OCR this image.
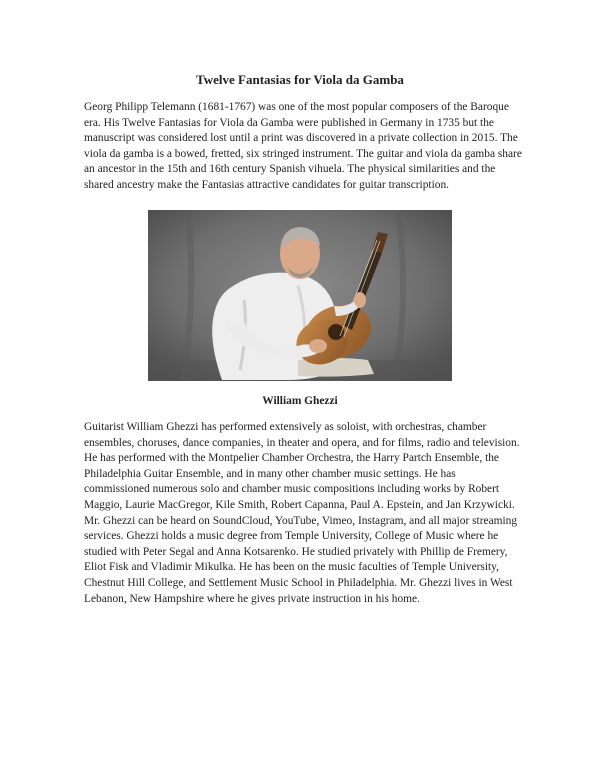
Twelve Fantasias for Viola da Gamba

Georg Philipp Telemann (1681-1767) was one of the most popular composers of the Baroque era. His Twelve Fantasias for Viola da Gamba were published in Germany in 1735 but the manuscript was considered lost until a print was discovered in a private collection in 2015. The viola da gamba is a bowed, fretted, six stringed instrument. The guitar and viola da gamba share an ancestor in the 15th and 16th century Spanish vihuela. The physical similarities and the shared ancestry make the Fantasias attractive candidates for guitar transcription.

William Ghezzi

Guitarist William Ghezzi has performed extensively as soloist, with orchestras, chamber ensembles, choruses, dance companies, in theater and opera, and for films, radio and television. He has performed with the Montpelier Chamber Orchestra, the Harry Partch Ensemble, the Philadelphia Guitar Ensemble, and in many other chamber music settings. He has commissioned numerous solo and chamber music compositions including works by Robert Maggio, Laurie MacGregor, Kile Smith, Robert Capanna, Paul A. Epstein, and Jan Krzywicki. Mr. Ghezzi can be heard on SoundCloud, YouTube, Vimeo, Instagram, and all major streaming services. Ghezzi holds a music degree from Temple University, College of Music where he studied with Peter Segal and Anna Kotsarenko. He studied privately with Phillip de Fremery, Eliot Fisk and Vladimir Mikulka. He has been on the music faculties of Temple University, Chestnut Hill College, and Settlement Music School in Philadelphia. Mr. Ghezzi lives in West Lebanon, New Hampshire where he gives private instruction in his home.
